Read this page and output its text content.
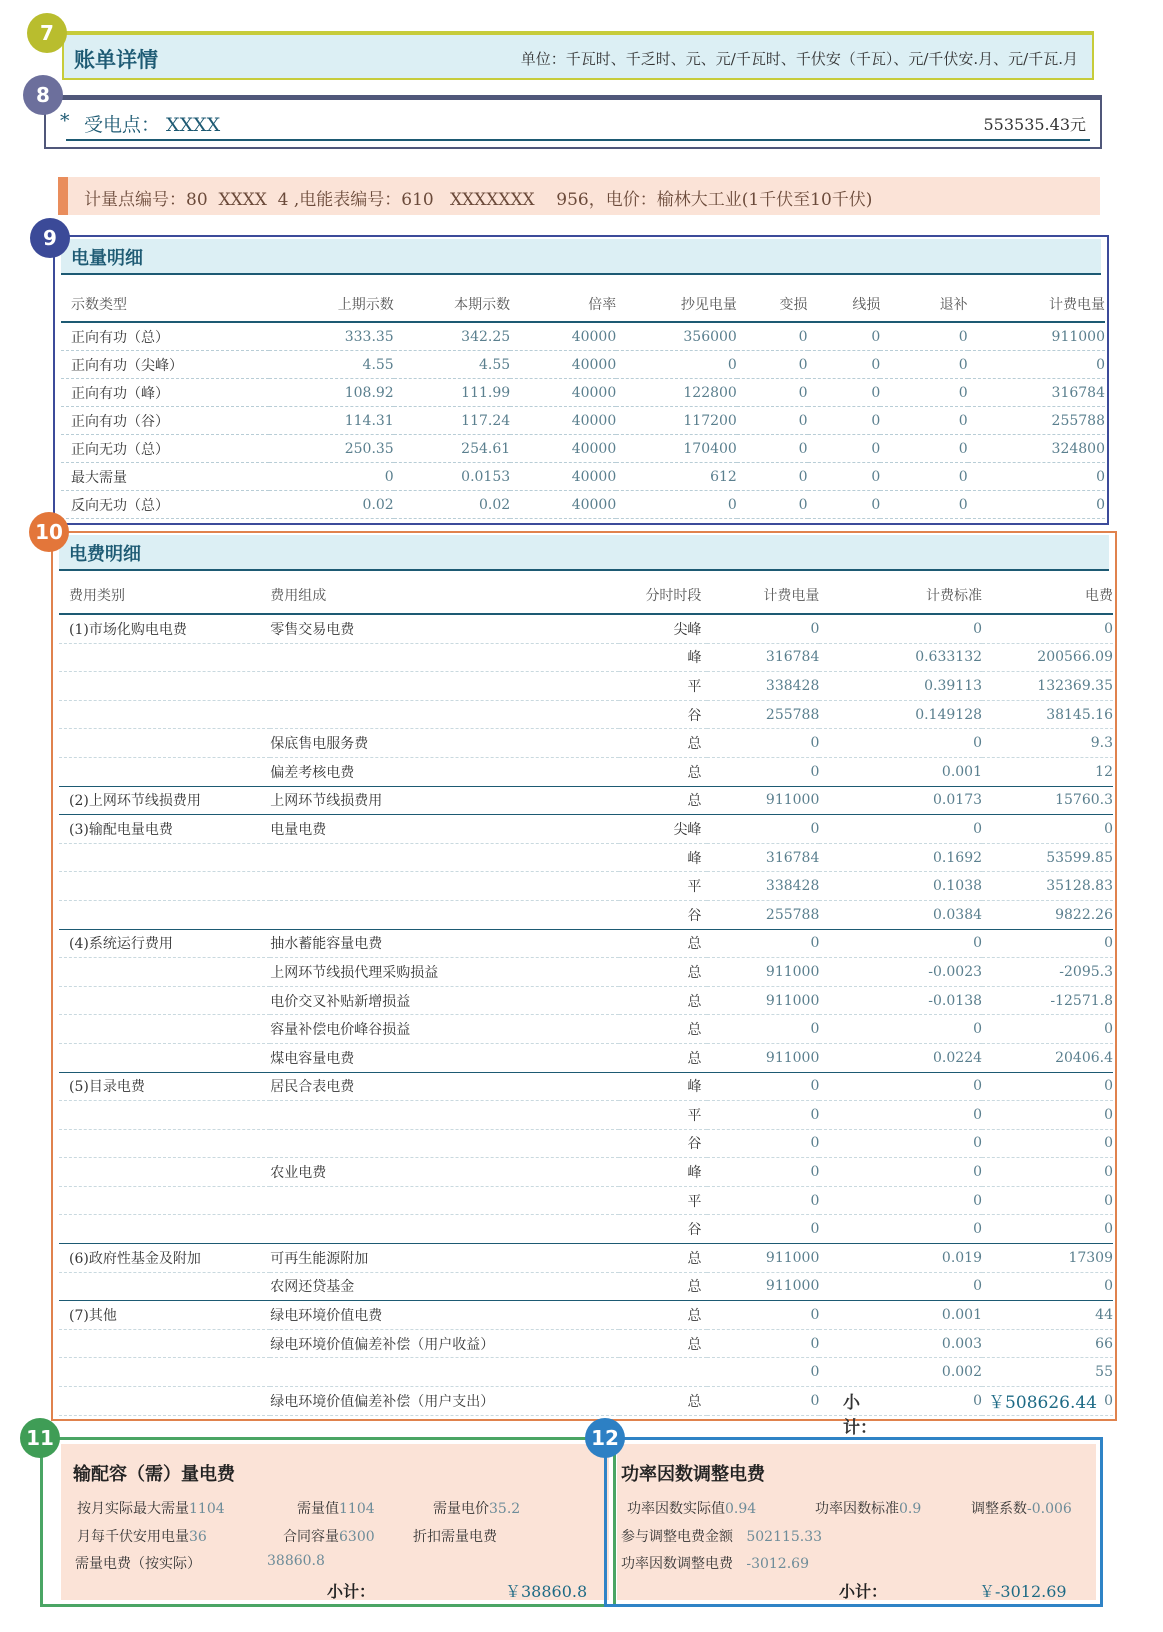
7
账单详情	单位：千瓦时、千乏时、元、元/千瓦时、千伏安（千瓦）、元/千伏安.月、元/千瓦.月
8
* 受电点： XXXX	553535.43元
计量点编号：80  XXXX  4 ,电能表编号：610   XXXXXXX    956，电价：榆林大工业(1千伏至10千伏)
9
电量明细
示数类型	上期示数	本期示数	倍率	抄见电量	变损	线损	退补	计费电量
正向有功（总）	333.35	342.25	40000	356000	0	0	0	911000
正向有功（尖峰）	4.55	4.55	40000	0	0	0	0	0
正向有功（峰）	108.92	111.99	40000	122800	0	0	0	316784
正向有功（谷）	114.31	117.24	40000	117200	0	0	0	255788
正向无功（总）	250.35	254.61	40000	170400	0	0	0	324800
最大需量	0	0.0153	40000	612	0	0	0	0
反向无功（总）	0.02	0.02	40000	0	0	0	0	0
10
电费明细
费用类别	费用组成	分时时段	计费电量	计费标准	电费
(1)市场化购电电费	零售交易电费	尖峰	0	0	0
		峰	316784	0.633132	200566.09
		平	338428	0.39113	132369.35
		谷	255788	0.149128	38145.16
	保底售电服务费	总	0	0	9.3
	偏差考核电费	总	0	0.001	12
(2)上网环节线损费用	上网环节线损费用	总	911000	0.0173	15760.3
(3)输配电量电费	电量电费	尖峰	0	0	0
		峰	316784	0.1692	53599.85
		平	338428	0.1038	35128.83
		谷	255788	0.0384	9822.26
(4)系统运行费用	抽水蓄能容量电费	总	0	0	0
	上网环节线损代理采购损益	总	911000	-0.0023	-2095.3
	电价交叉补贴新增损益	总	911000	-0.0138	-12571.8
	容量补偿电价峰谷损益	总	0	0	0
	煤电容量电费	总	911000	0.0224	20406.4
(5)目录电费	居民合表电费	峰	0	0	0
		平	0	0	0
		谷	0	0	0
	农业电费	峰	0	0	0
		平	0	0	0
		谷	0	0	0
(6)政府性基金及附加	可再生能源附加	总	911000	0.019	17309
	农网还贷基金	总	911000	0	0
(7)其他	绿电环境价值电费	总	0	0.001	44
	绿电环境价值偏差补偿（用户收益）	总	0	0.003	66
			0	0.002	55
	绿电环境价值偏差补偿（用户支出）	总	0	0	0
小计：
￥508626.44
11
输配容（需）量电费
按月实际最大需量1104	需量值1104	需量电价35.2
月每千伏安用电量36	合同容量6300	折扣需量电费
需量电费（按实际）	38860.8
小计：	￥38860.8
12
功率因数调整电费
功率因数实际值0.94	功率因数标准0.9	调整系数-0.006
参与调整电费金额 502115.33
功率因数调整电费 -3012.69
小计：	￥-3012.69
